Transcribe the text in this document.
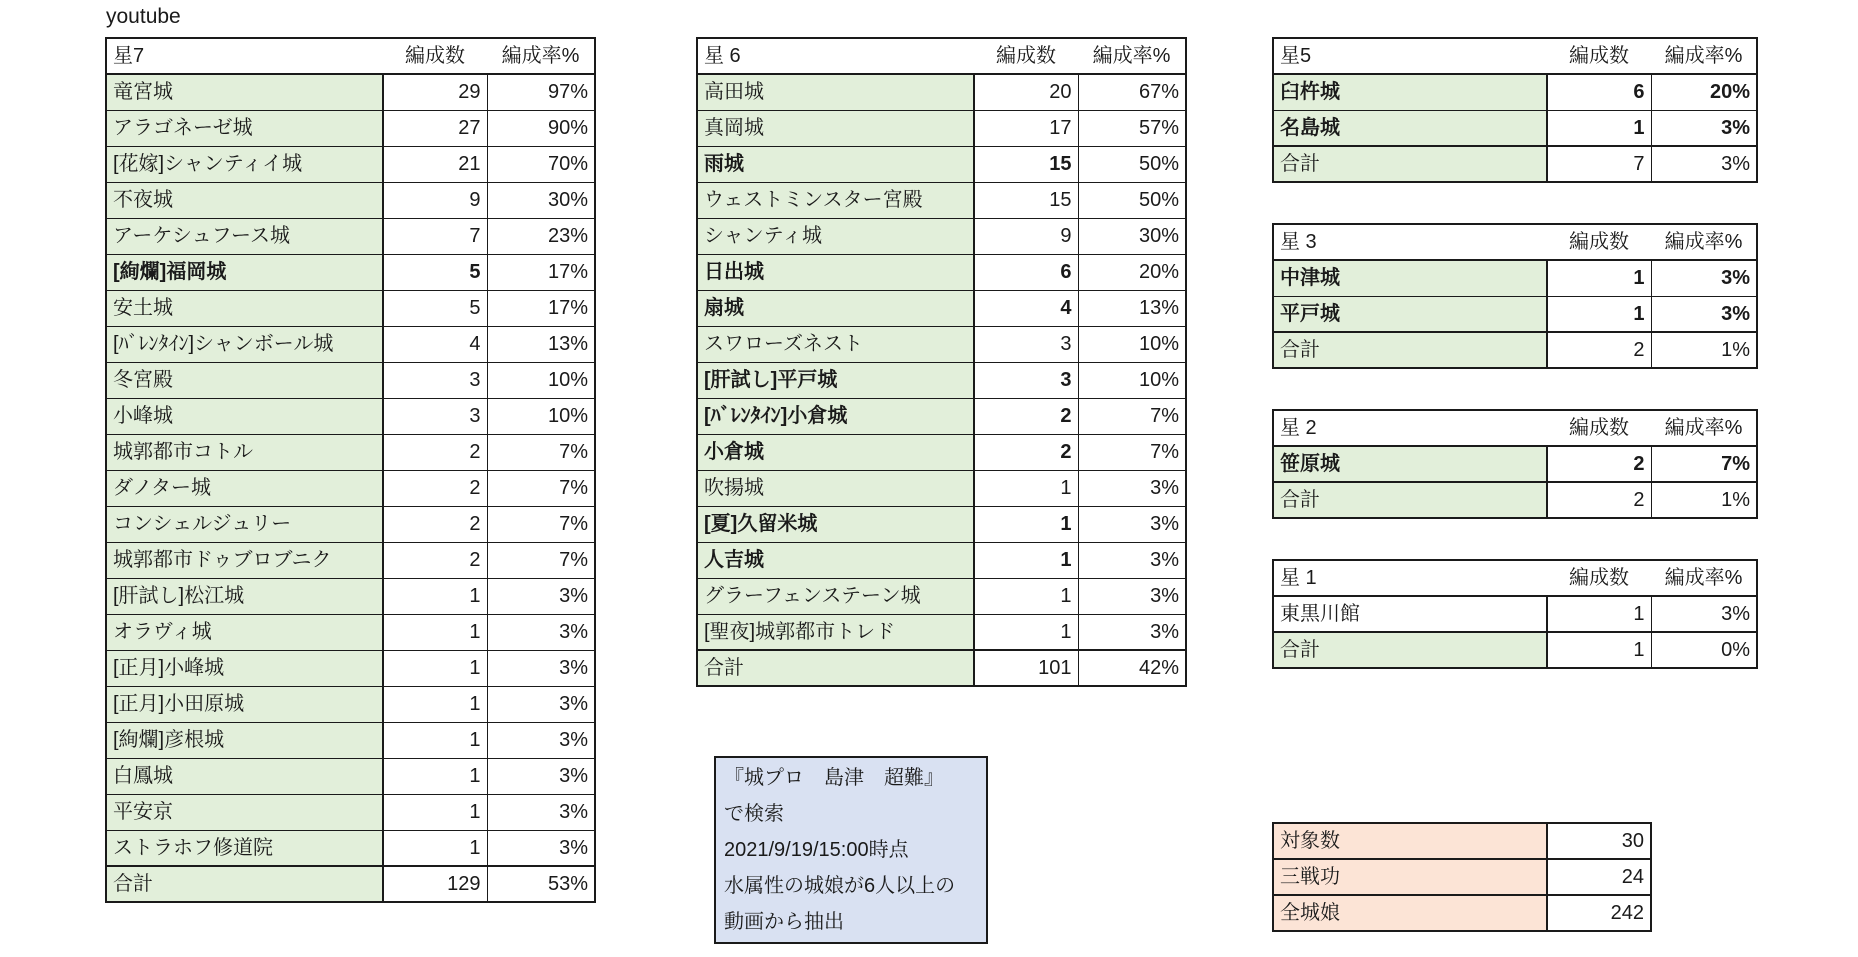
youtube
星7	編成数	編成率%
竜宮城	29	97%
アラゴネーゼ城	27	90%
[花嫁]シャンティイ城	21	70%
不夜城	9	30%
アーケシュフース城	7	23%
[絢爛]福岡城	5	17%
安土城	5	17%
[ﾊﾞﾚﾝﾀｲﾝ]シャンボール城	4	13%
冬宮殿	3	10%
小峰城	3	10%
城郭都市コトル	2	7%
ダノター城	2	7%
コンシェルジュリー	2	7%
城郭都市ドゥブロブニク	2	7%
[肝試し]松江城	1	3%
オラヴィ城	1	3%
[正月]小峰城	1	3%
[正月]小田原城	1	3%
[絢爛]彦根城	1	3%
白鳳城	1	3%
平安京	1	3%
ストラホフ修道院	1	3%
合計	129	53%
星 6	編成数	編成率%
高田城	20	67%
真岡城	17	57%
雨城	15	50%
ウェストミンスター宮殿	15	50%
シャンティ城	9	30%
日出城	6	20%
扇城	4	13%
スワローズネスト	3	10%
[肝試し]平戸城	3	10%
[ﾊﾞﾚﾝﾀｲﾝ]小倉城	2	7%
小倉城	2	7%
吹揚城	1	3%
[夏]久留米城	1	3%
人吉城	1	3%
グラーフェンステーン城	1	3%
[聖夜]城郭都市トレド	1	3%
合計	101	42%
星5	編成数	編成率%
臼杵城	6	20%
名島城	1	3%
合計	7	3%
星 3	編成数	編成率%
中津城	1	3%
平戸城	1	3%
合計	2	1%
星 2	編成数	編成率%
笹原城	2	7%
合計	2	1%
星 1	編成数	編成率%
東黒川館	1	3%
合計	1	0%
『城プロ　島津　超難』
で検索
2021/9/19/15:00時点
水属性の城娘が6人以上の
動画から抽出
対象数	30
三戦功	24
全城娘	242
